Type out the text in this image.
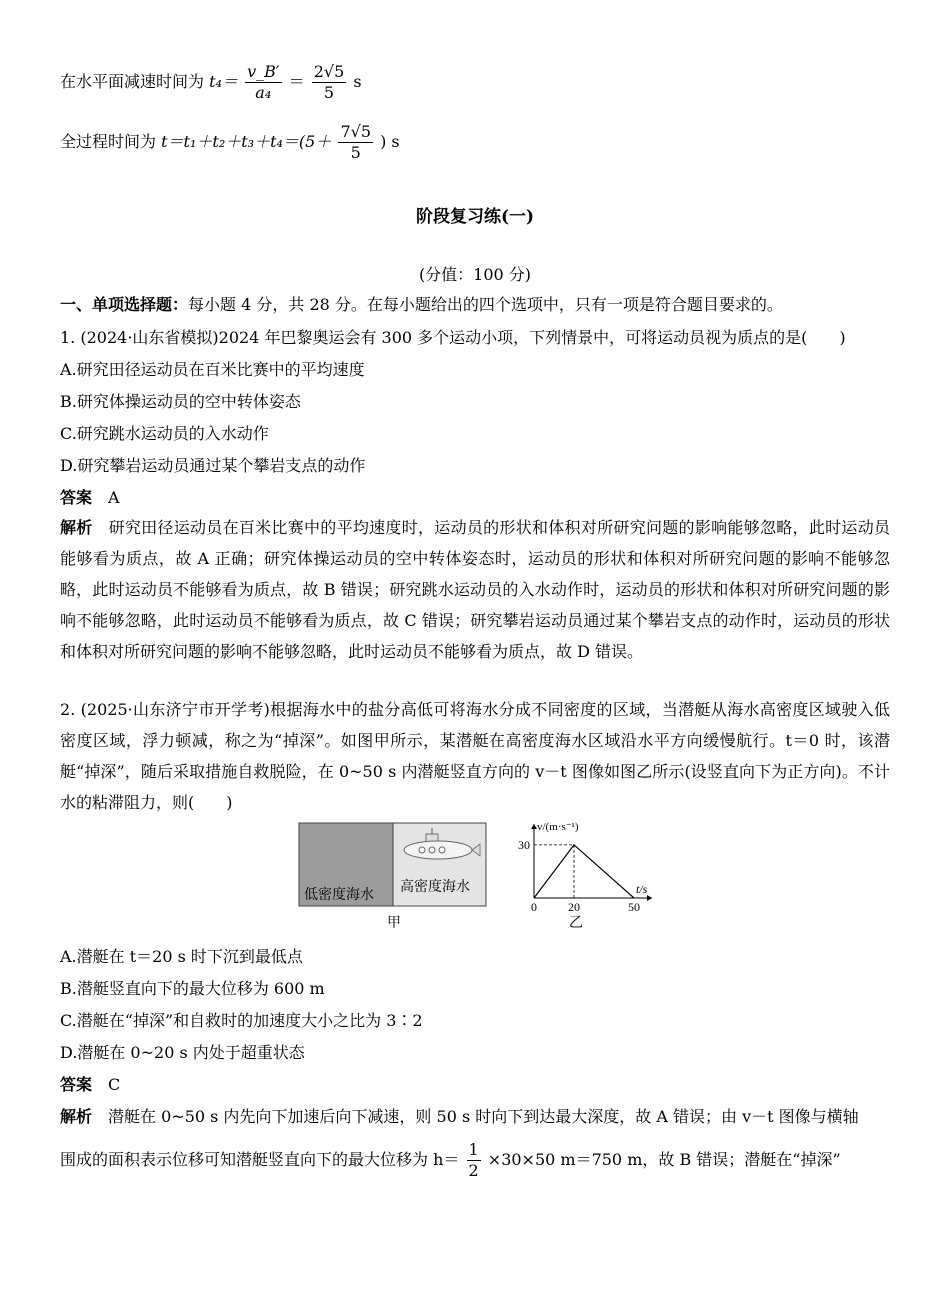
在水平面减速时间为 $t_4= \frac{v\_B'}{\text{a₄}} = \frac{2√5}{5}$ s
全过程时间为 $t=t_1+t_2+t_3+t_4=(5+ \frac{7√5}{5}$ ) s
阶段复习练(一)
(分值：100 分)
一、单项选择题：每小题 4 分，共 28 分。在每小题给出的四个选项中，只有一项是符合题目要求的。
1. (2024·山东省模拟)2024 年巴黎奥运会有 300 多个运动小项，下列情景中，可将运动员视为质点的是(　　)
A.研究田径运动员在百米比赛中的平均速度
B.研究体操运动员的空中转体姿态
C.研究跳水运动员的入水动作
D.研究攀岩运动员通过某个攀岩支点的动作
答案 A
解析 研究田径运动员在百米比赛中的平均速度时，运动员的形状和体积对所研究问题的影响能够忽略，此时运动员能够看为质点，故 A 正确；研究体操运动员的空中转体姿态时，运动员的形状和体积对所研究问题的影响不能够忽略，此时运动员不能够看为质点，故 B 错误；研究跳水运动员的入水动作时，运动员的形状和体积对所研究问题的影响不能够忽略，此时运动员不能够看为质点，故 C 错误；研究攀岩运动员通过某个攀岩支点的动作时，运动员的形状和体积对所研究问题的影响不能够忽略，此时运动员不能够看为质点，故 D 错误。
2. (2025·山东济宁市开学考)根据海水中的盐分高低可将海水分成不同密度的区域，当潜艇从海水高密度区域驶入低密度区域，浮力顿减，称之为“掉深”。如图甲所示，某潜艇在高密度海水区域沿水平方向缓慢航行。t＝0 时，该潜艇“掉深”，随后采取措施自救脱险，在 0~50 s 内潜艇竖直方向的 v－t 图像如图乙所示(设竖直向下为正方向)。不计水的粘滞阻力，则(　　)
低密度海水 高密度海水
甲
0	20	50
30
v/(m·s⁻¹)
t/s
乙
A.潜艇在 t＝20 s 时下沉到最低点
B.潜艇竖直向下的最大位移为 600 m
C.潜艇在“掉深”和自救时的加速度大小之比为 3∶2
D.潜艇在 0~20 s 内处于超重状态
答案 C
解析 潜艇在 0~50 s 内先向下加速后向下减速，则 50 s 时向下到达最大深度，故 A 错误；由 v－t 图像与横轴
围成的面积表示位移可知潜艇竖直向下的最大位移为 $h= \frac{1}{2} \times 30\times 50$ m＝750 m，故 B 错误；潜艇在“掉深”
